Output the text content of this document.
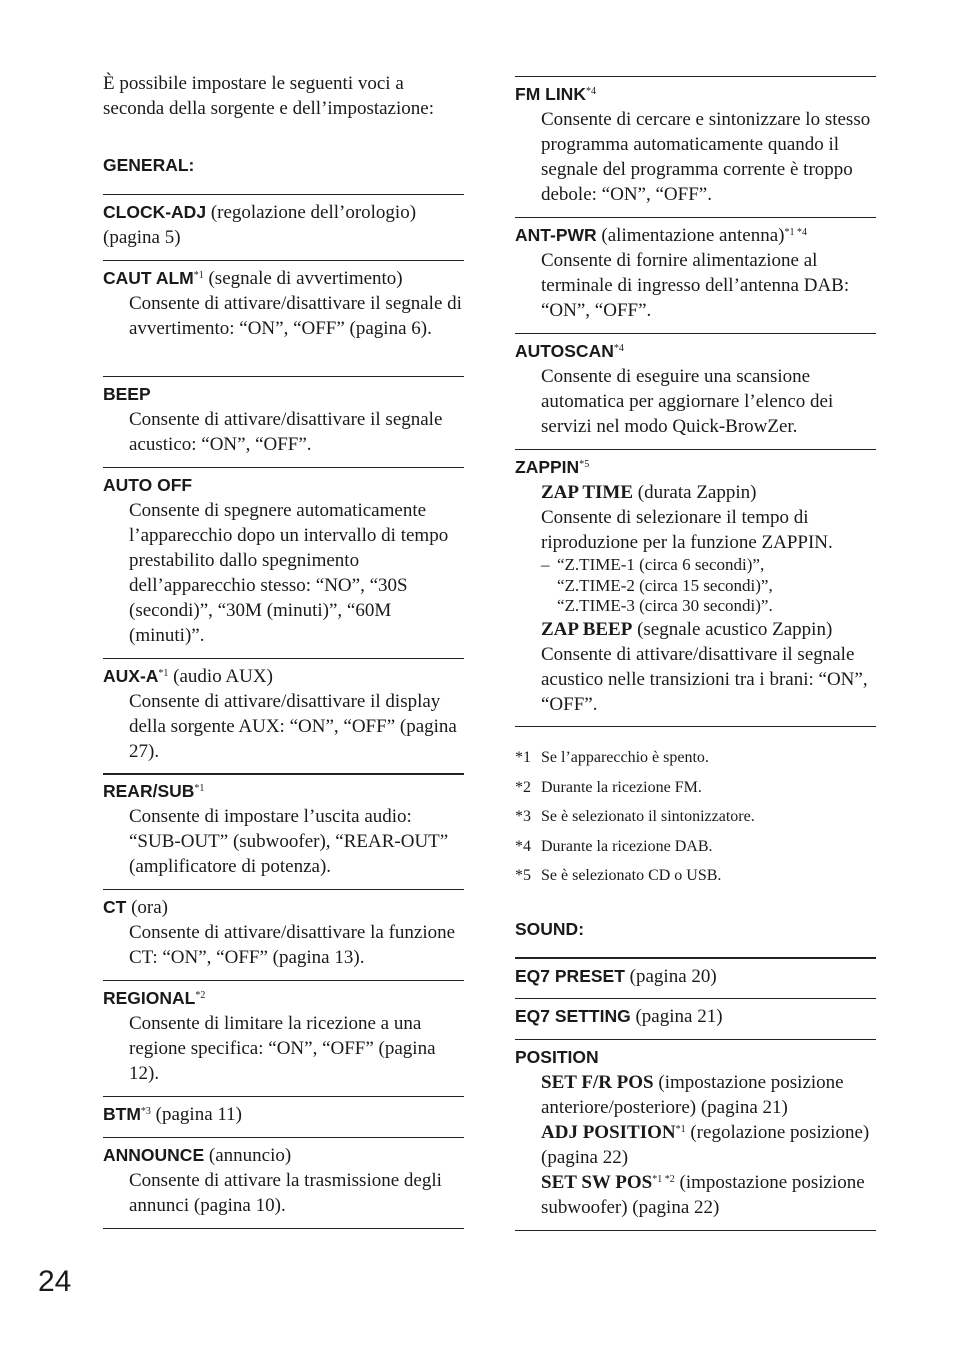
È possibile impostare le seguenti voci a seconda della sorgente e dell’impostazione:
GENERAL:
CLOCK-ADJ (regolazione dell’orologio) (pagina 5)
CAUT ALM$^{*1}$ (segnale di avvertimento)
Consente di attivare/disattivare il segnale di avvertimento: “ON”, “OFF” (pagina 6).
BEEP
Consente di attivare/disattivare il segnale acustico: “ON”, “OFF”.
AUTO OFF
Consente di spegnere automaticamente l’apparecchio dopo un intervallo di tempo prestabilito dallo spegnimento dell’apparecchio stesso: “NO”, “30S (secondi)”, “30M (minuti)”, “60M (minuti)”.
AUX-$A^{*1}$ (audio AUX)
Consente di attivare/disattivare il display della sorgente AUX: “ON”, “OFF” (pagina 27).
REAR/SUB$^{*1}$
Consente di impostare l’uscita audio: “SUB-OUT” (subwoofer), “REAR-OUT” (amplificatore di potenza).
CT (ora)
Consente di attivare/disattivare la funzione CT: “ON”, “OFF” (pagina 13).
REGIONAL$^{*2}$
Consente di limitare la ricezione a una regione specifica: “ON”, “OFF” (pagina 12).
BTM$^{*3}$ (pagina 11)
ANNOUNCE (annuncio)
Consente di attivare la trasmissione degli annunci (pagina 10).
FM LINK$^{*4}$
Consente di cercare e sintonizzare lo stesso programma automaticamente quando il segnale del programma corrente è troppo debole: “ON”, “OFF”.
ANT-PWR (alimentazione antenna)$^{*1 *4}$
Consente di fornire alimentazione al terminale di ingresso dell’antenna DAB: “ON”, “OFF”.
AUTOSCAN$^{*4}$
Consente di eseguire una scansione automatica per aggiornare l’elenco dei servizi nel modo Quick-BrowZer.
ZAPPIN$^{*5}$
ZAP TIME (durata Zappin)
Consente di selezionare il tempo di riproduzione per la funzione ZAPPIN.
– “Z.TIME-1 (circa 6 secondi)”,
“Z.TIME-2 (circa 15 secondi)”,
“Z.TIME-3 (circa 30 secondi)”.
ZAP BEEP (segnale acustico Zappin)
Consente di attivare/disattivare il segnale acustico nelle transizioni tra i brani: “ON”, “OFF”.
*1 Se l’apparecchio è spento.
*2 Durante la ricezione FM.
*3 Se è selezionato il sintonizzatore.
*4 Durante la ricezione DAB.
*5 Se è selezionato CD o USB.
SOUND:
EQ7 PRESET (pagina 20)
EQ7 SETTING (pagina 21)
POSITION
SET F/R POS (impostazione posizione anteriore/posteriore) (pagina 21)
ADJ POSITION$^{*1}$ (regolazione posizione) (pagina 22)
SET SW $POS^{*1 *2}$ (impostazione posizione subwoofer) (pagina 22)
24
